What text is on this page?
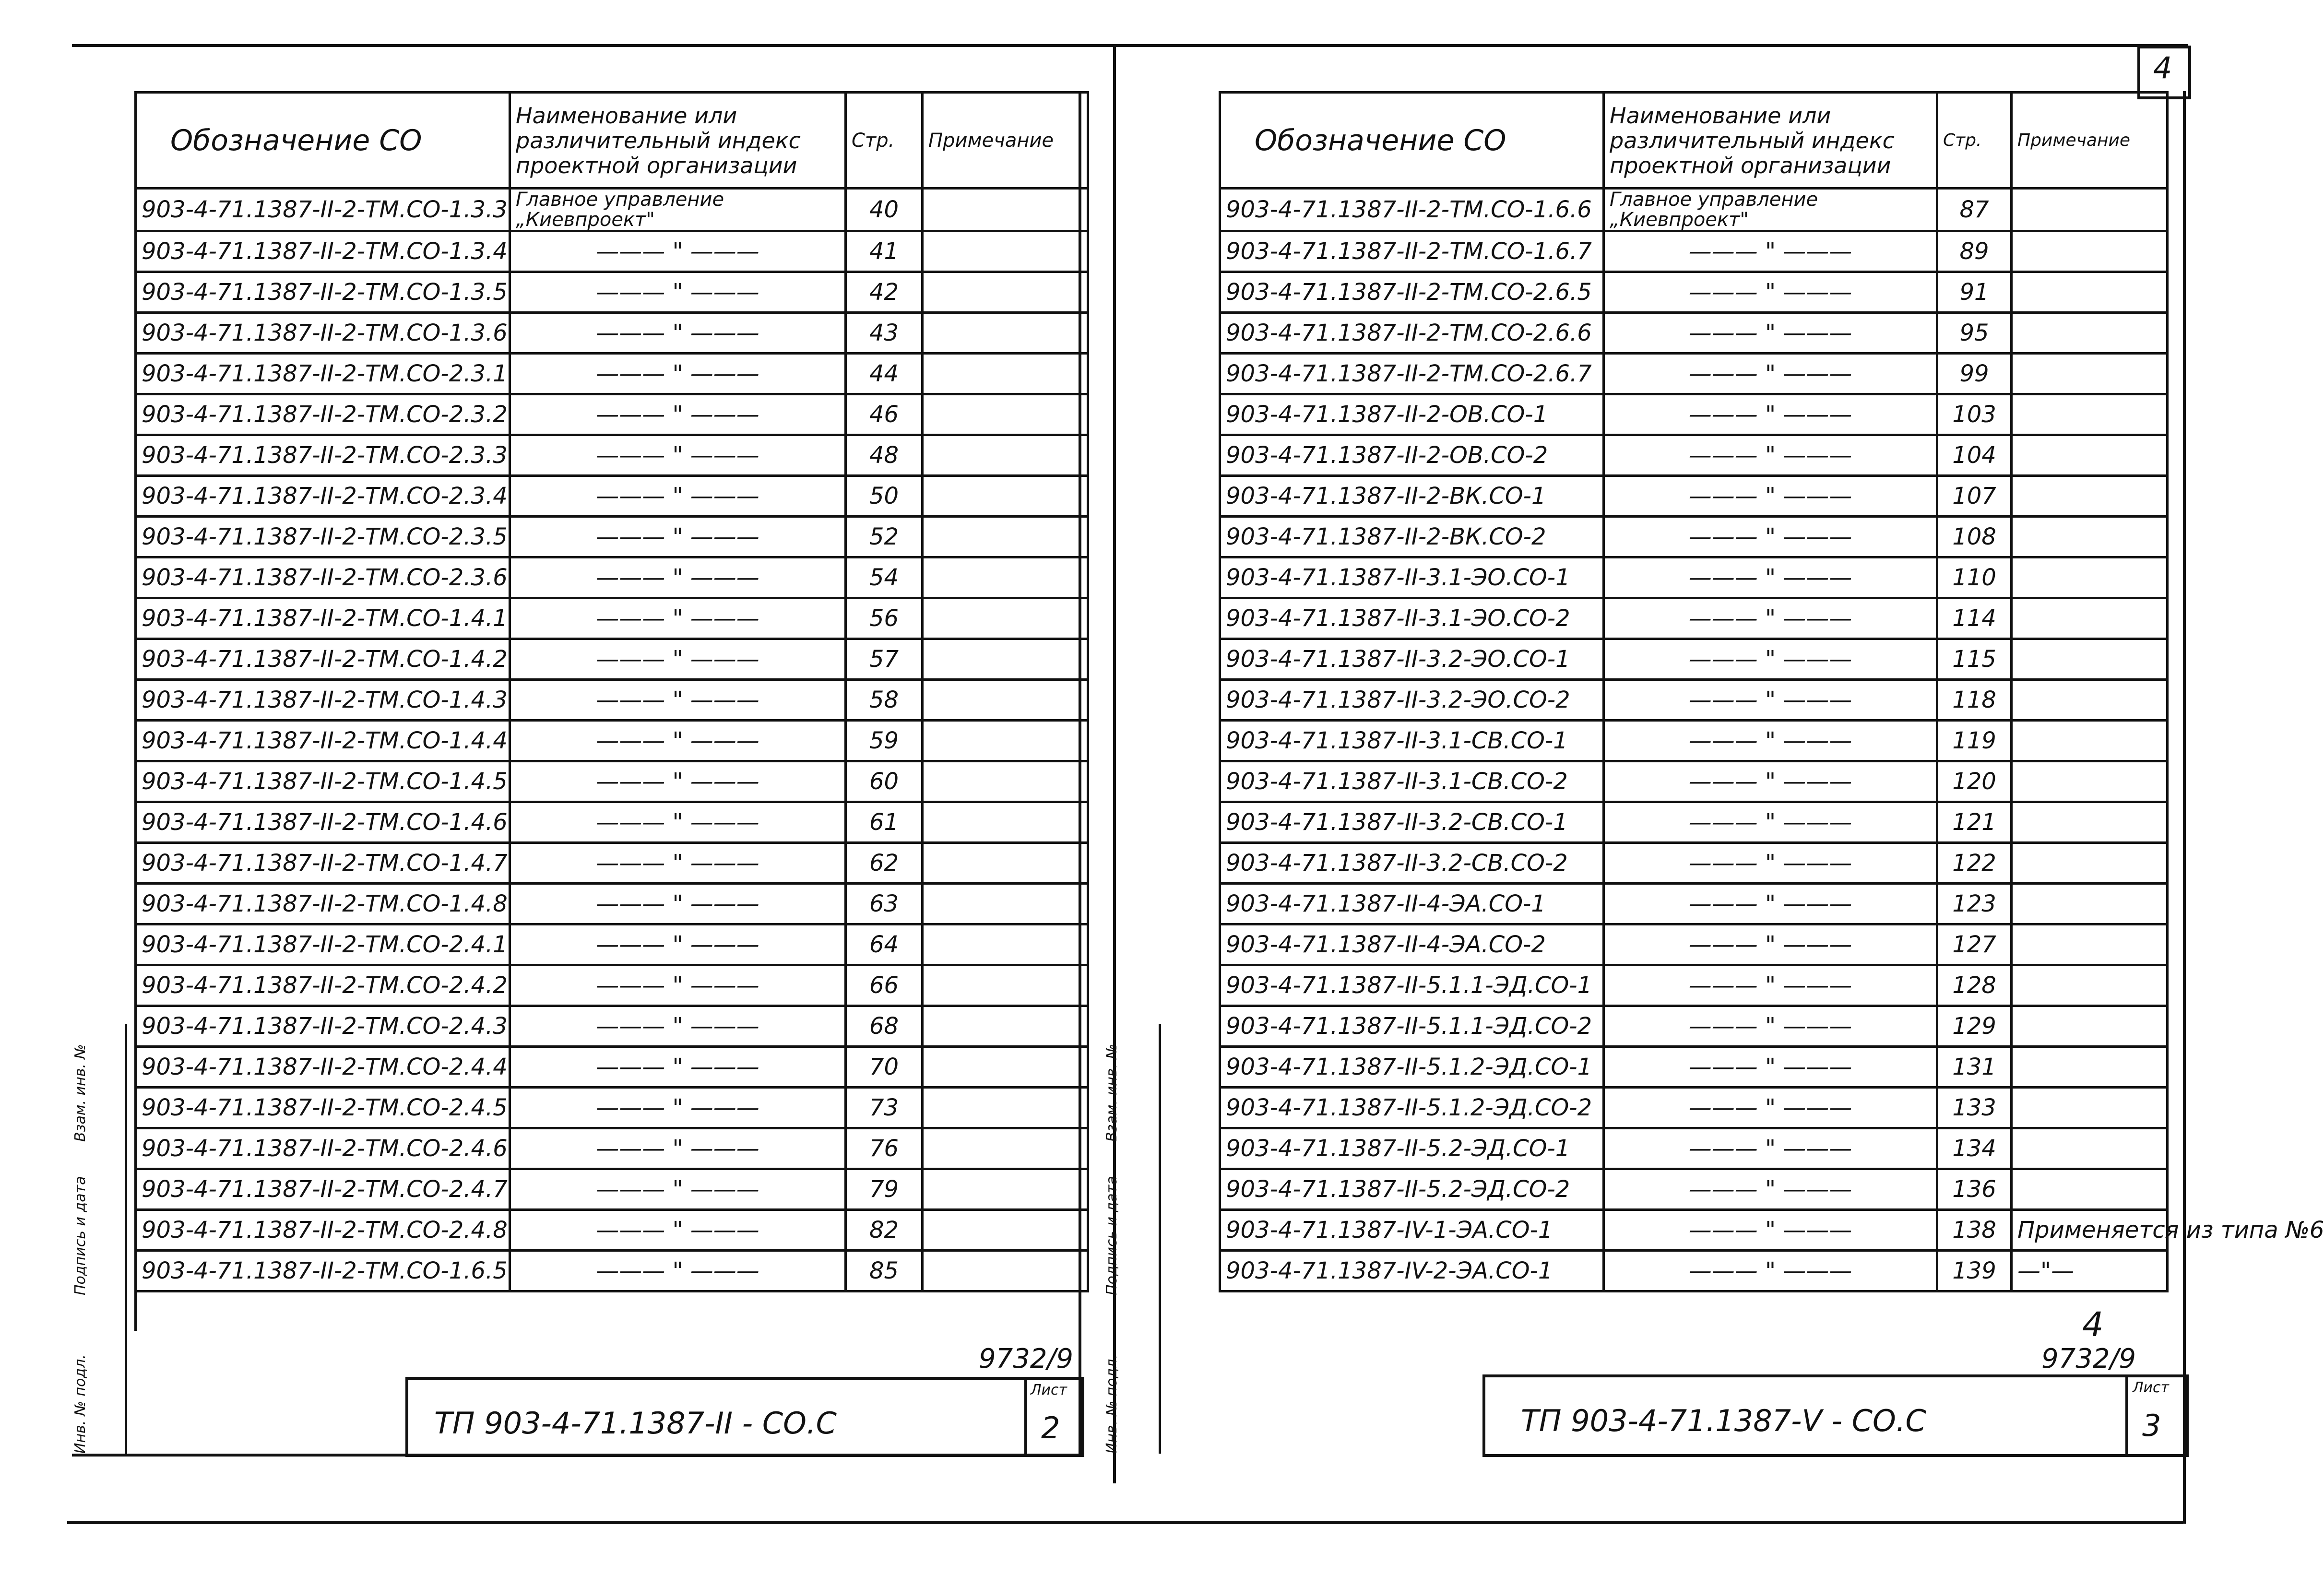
Обозначение СО	Наименование или различительный индекс проектной организации	Стр.	Примечание
903-4-71.1387-II-2-ТМ.СО-1.3.3	Главное управление „Киевпроект"	40	
903-4-71.1387-II-2-ТМ.СО-1.3.4	——— " ———	41	
903-4-71.1387-II-2-ТМ.СО-1.3.5	——— " ———	42	
903-4-71.1387-II-2-ТМ.СО-1.3.6	——— " ———	43	
903-4-71.1387-II-2-ТМ.СО-2.3.1	——— " ———	44	
903-4-71.1387-II-2-ТМ.СО-2.3.2	——— " ———	46	
903-4-71.1387-II-2-ТМ.СО-2.3.3	——— " ———	48	
903-4-71.1387-II-2-ТМ.СО-2.3.4	——— " ———	50	
903-4-71.1387-II-2-ТМ.СО-2.3.5	——— " ———	52	
903-4-71.1387-II-2-ТМ.СО-2.3.6	——— " ———	54	
903-4-71.1387-II-2-ТМ.СО-1.4.1	——— " ———	56	
903-4-71.1387-II-2-ТМ.СО-1.4.2	——— " ———	57	
903-4-71.1387-II-2-ТМ.СО-1.4.3	——— " ———	58	
903-4-71.1387-II-2-ТМ.СО-1.4.4	——— " ———	59	
903-4-71.1387-II-2-ТМ.СО-1.4.5	——— " ———	60	
903-4-71.1387-II-2-ТМ.СО-1.4.6	——— " ———	61	
903-4-71.1387-II-2-ТМ.СО-1.4.7	——— " ———	62	
903-4-71.1387-II-2-ТМ.СО-1.4.8	——— " ———	63	
903-4-71.1387-II-2-ТМ.СО-2.4.1	——— " ———	64	
903-4-71.1387-II-2-ТМ.СО-2.4.2	——— " ———	66	
903-4-71.1387-II-2-ТМ.СО-2.4.3	——— " ———	68	
903-4-71.1387-II-2-ТМ.СО-2.4.4	——— " ———	70	
903-4-71.1387-II-2-ТМ.СО-2.4.5	——— " ———	73	
903-4-71.1387-II-2-ТМ.СО-2.4.6	——— " ———	76	
903-4-71.1387-II-2-ТМ.СО-2.4.7	——— " ———	79	
903-4-71.1387-II-2-ТМ.СО-2.4.8	——— " ———	82	
903-4-71.1387-II-2-ТМ.СО-1.6.5	——— " ———	85	

Инв. № подл.
Подпись и дата
Взам. инв. №
9732/9
ТП 903-4-71.1387-II - СО.С
Лист
2
4
Обозначение СО	Наименование или различительный индекс проектной организации	Стр.	Примечание
903-4-71.1387-II-2-ТМ.СО-1.6.6	Главное управление „Киевпроект"	87	
903-4-71.1387-II-2-ТМ.СО-1.6.7	——— " ———	89	
903-4-71.1387-II-2-ТМ.СО-2.6.5	——— " ———	91	
903-4-71.1387-II-2-ТМ.СО-2.6.6	——— " ———	95	
903-4-71.1387-II-2-ТМ.СО-2.6.7	——— " ———	99	
903-4-71.1387-II-2-ОВ.СО-1	——— " ———	103	
903-4-71.1387-II-2-ОВ.СО-2	——— " ———	104	
903-4-71.1387-II-2-ВК.СО-1	——— " ———	107	
903-4-71.1387-II-2-ВК.СО-2	——— " ———	108	
903-4-71.1387-II-3.1-ЭО.СО-1	——— " ———	110	
903-4-71.1387-II-3.1-ЭО.СО-2	——— " ———	114	
903-4-71.1387-II-3.2-ЭО.СО-1	——— " ———	115	
903-4-71.1387-II-3.2-ЭО.СО-2	——— " ———	118	
903-4-71.1387-II-3.1-СВ.СО-1	——— " ———	119	
903-4-71.1387-II-3.1-СВ.СО-2	——— " ———	120	
903-4-71.1387-II-3.2-СВ.СО-1	——— " ———	121	
903-4-71.1387-II-3.2-СВ.СО-2	——— " ———	122	
903-4-71.1387-II-4-ЭА.СО-1	——— " ———	123	
903-4-71.1387-II-4-ЭА.СО-2	——— " ———	127	
903-4-71.1387-II-5.1.1-ЭД.СО-1	——— " ———	128	
903-4-71.1387-II-5.1.1-ЭД.СО-2	——— " ———	129	
903-4-71.1387-II-5.1.2-ЭД.СО-1	——— " ———	131	
903-4-71.1387-II-5.1.2-ЭД.СО-2	——— " ———	133	
903-4-71.1387-II-5.2-ЭД.СО-1	——— " ———	134	
903-4-71.1387-II-5.2-ЭД.СО-2	——— " ———	136	
903-4-71.1387-IV-1-ЭА.СО-1	——— " ———	138	Применяется из типа №6
903-4-71.1387-IV-2-ЭА.СО-1	——— " ———	139	—"—
Инв. № подл.
Подпись и дата
Взам. инв. №
4
9732/9
ТП 903-4-71.1387-V - СО.С
Лист
3
